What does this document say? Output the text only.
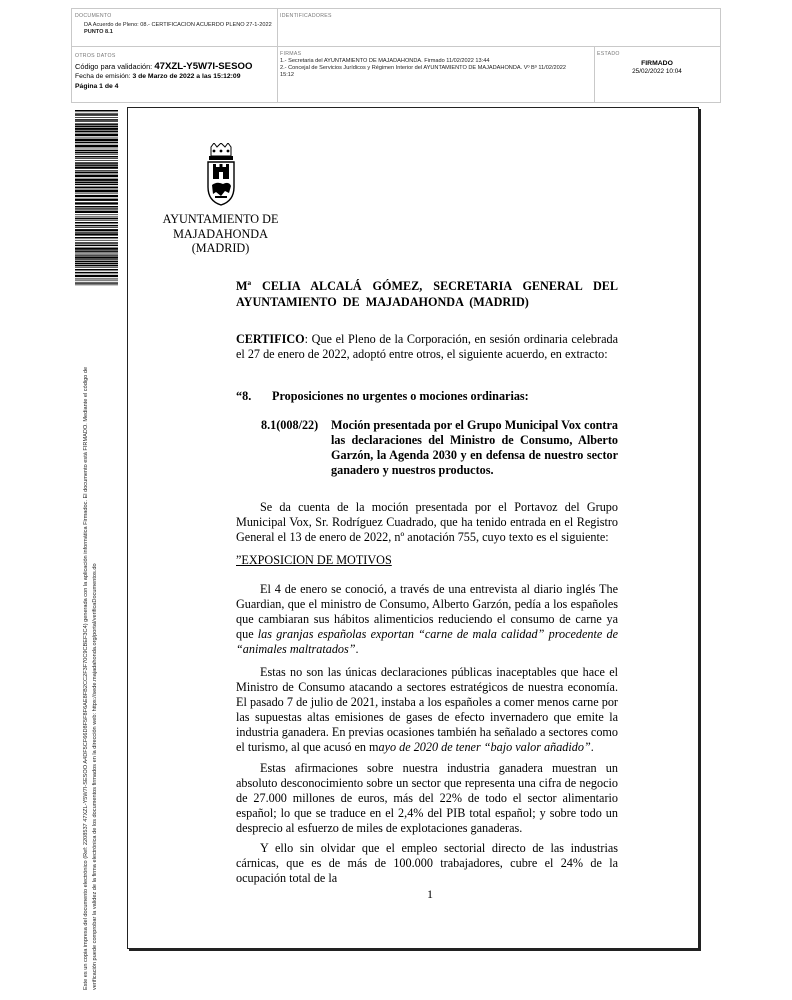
DOCUMENTO
DA Acuerdo de Pleno: 08.- CERTIFICACION ACUERDO PLENO 27-1-2022
PUNTO 8.1
IDENTIFICADORES
OTROS DATOS
Código para validación: 47XZL-Y5W7I-SESOO
Fecha de emisión: 3 de Marzo de 2022 a las 15:12:09
Página 1 de 4
FIRMAS
1.- Secretaria del AYUNTAMIENTO DE MAJADAHONDA. Firmado 11/02/2022 13:44
2.- Concejal de Servicios Jurídicos y Régimen Interior del AYUNTAMIENTO DE MAJADAHONDA. Vº Bº 11/02/2022
15:12
ESTADO
FIRMADO
25/02/2022 10:04
Este es un copia impresa del documento electrónico (Ref: 2208537 47XZL-Y5W7I-SESOO A4DF5CF66D8F5F8F6AE8FB2CC2F3F70C9CBEF3C4) generada con la aplicación informática Firmadoc. El documento está FIRMADO. Mediante el código de verificación puede comprobar la validez de la firma electrónica de los documentos firmados en la dirección web: https://sede.majadahonda.org/portal/verificaDocumentos.do
AYUNTAMIENTO DE
MAJADAHONDA
(MADRID)
Mª CELIA ALCALÁ GÓMEZ, SECRETARIA GENERAL DEL AYUNTAMIENTO DE MAJADAHONDA (MADRID)
CERTIFICO: Que el Pleno de la Corporación, en sesión ordinaria celebrada el 27 de enero de 2022, adoptó entre otros, el siguiente acuerdo, en extracto:
“8. Proposiciones no urgentes o mociones ordinarias:
8.1(008/22) Moción presentada por el Grupo Municipal Vox contra las declaraciones del Ministro de Consumo, Alberto Garzón, la Agenda 2030 y en defensa de nuestro sector ganadero y nuestros productos.
Se da cuenta de la moción presentada por el Portavoz del Grupo Municipal Vox, Sr. Rodríguez Cuadrado, que ha tenido entrada en el Registro General el 13 de enero de 2022, nº anotación 755, cuyo texto es el siguiente:
”EXPOSICION DE MOTIVOS
El 4 de enero se conoció, a través de una entrevista al diario inglés The Guardian, que el ministro de Consumo, Alberto Garzón, pedía a los españoles que cambiaran sus hábitos alimenticios reduciendo el consumo de carne ya que las granjas españolas exportan “carne de mala calidad” procedente de “animales maltratados”.
Estas no son las únicas declaraciones públicas inaceptables que hace el Ministro de Consumo atacando a sectores estratégicos de nuestra economía. El pasado 7 de julio de 2021, instaba a los españoles a comer menos carne por las supuestas altas emisiones de gases de efecto invernadero que emite la industria ganadera. En previas ocasiones también ha señalado a sectores como el turismo, al que acusó en mayo de 2020 de tener “bajo valor añadido”.
Estas afirmaciones sobre nuestra industria ganadera muestran un absoluto desconocimiento sobre un sector que representa una cifra de negocio de 27.000 millones de euros, más del 22% de todo el sector alimentario español; lo que se traduce en el 2,4% del PIB total español; y sobre todo un desprecio al esfuerzo de miles de explotaciones ganaderas.
Y ello sin olvidar que el empleo sectorial directo de las industrias cárnicas, que es de más de 100.000 trabajadores, cubre el 24% de la ocupación total de la
1
